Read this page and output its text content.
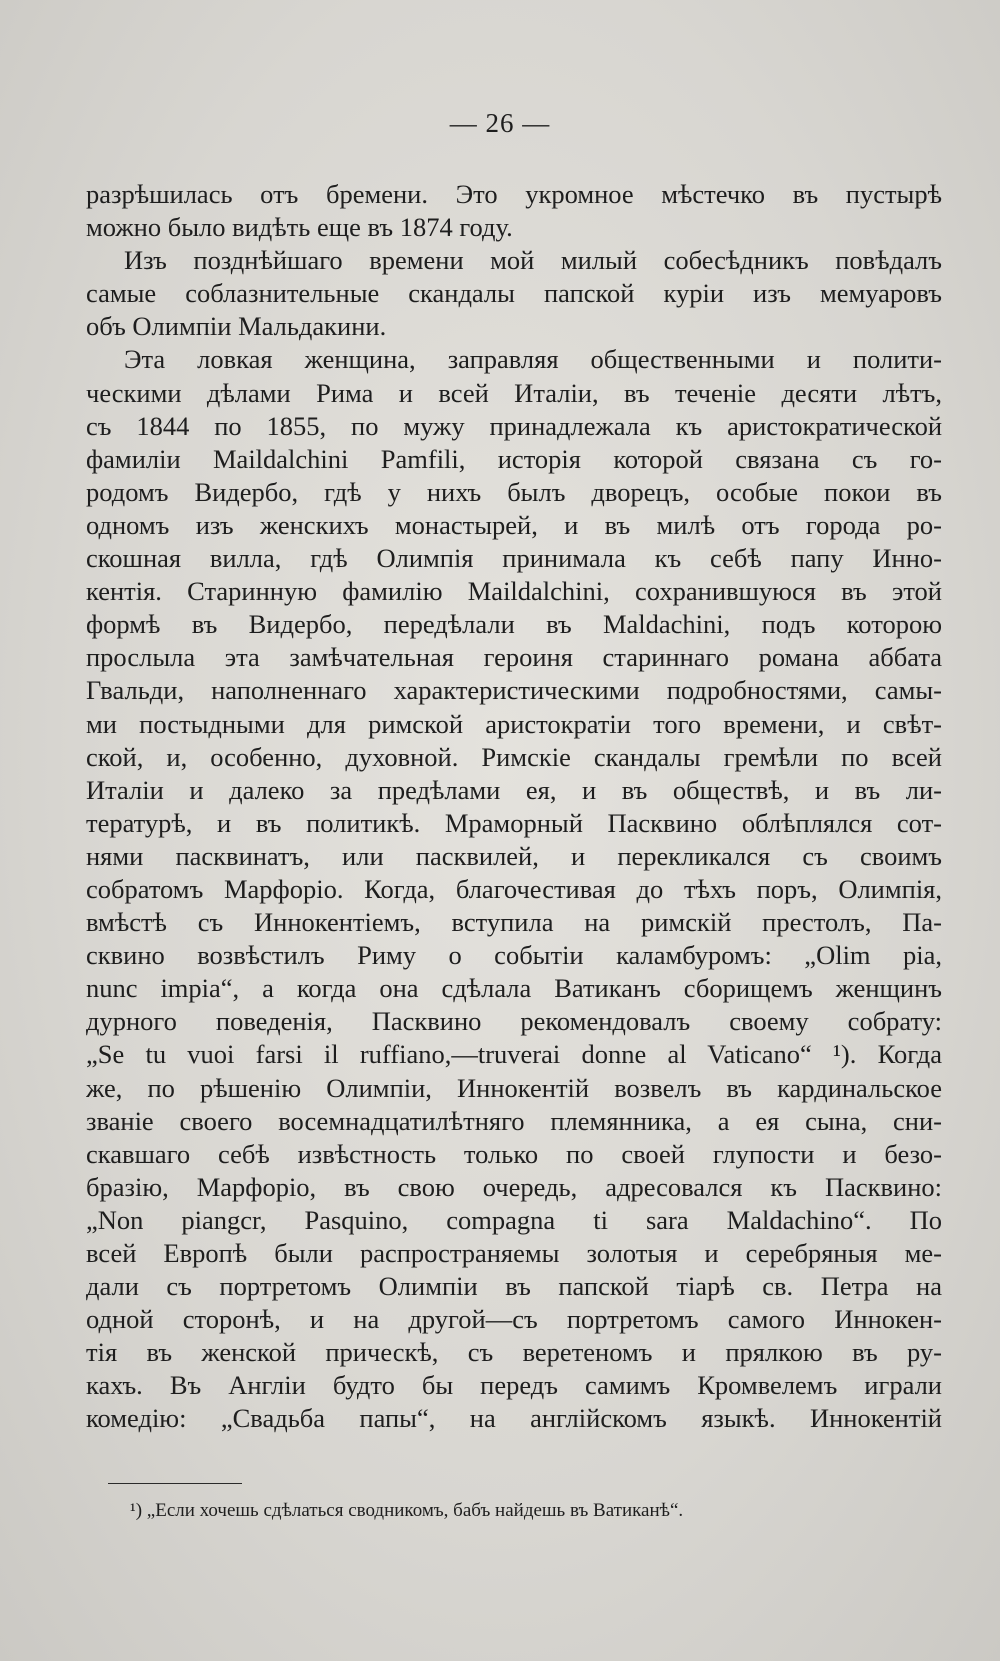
— 26 —
разрѣшилась отъ бремени. Это укромное мѣстечко въ пустырѣ
можно было видѣть еще въ 1874 году.
Изъ позднѣйшаго времени мой милый собесѣдникъ повѣдалъ
самые соблазнительные скандалы папской куріи изъ мемуаровъ
объ Олимпіи Мальдакини.
Эта ловкая женщина, заправляя общественными и полити-
ческими дѣлами Рима и всей Италіи, въ теченіе десяти лѣтъ,
съ 1844 по 1855, по мужу принадлежала къ аристократической
фамиліи Maildalchini Pamfili, исторія которой связана съ го-
родомъ Видербо, гдѣ у нихъ былъ дворецъ, особые покои въ
одномъ изъ женскихъ монастырей, и въ милѣ отъ города ро-
скошная вилла, гдѣ Олимпія принимала къ себѣ папу Инно-
кентія. Старинную фамилію Maildalchini, сохранившуюся въ этой
формѣ въ Видербо, передѣлали въ Maldachini, подъ которою
прослыла эта замѣчательная героиня стариннаго романа аббата
Гвальди, наполненнаго характеристическими подробностями, самы-
ми постыдными для римской аристократіи того времени, и свѣт-
ской, и, особенно, духовной. Римскіе скандалы гремѣли по всей
Италіи и далеко за предѣлами ея, и въ обществѣ, и въ ли-
тературѣ, и въ политикѣ. Мраморный Пасквино облѣплялся сот-
нями пасквинатъ, или пасквилей, и перекликался съ своимъ
собратомъ Марфоріо. Когда, благочестивая до тѣхъ поръ, Олимпія,
вмѣстѣ съ Иннокентіемъ, вступила на римскій престолъ, Па-
сквино возвѣстилъ Риму о событіи каламбуромъ: „Olim pia,
nunc impia“, а когда она сдѣлала Ватиканъ сборищемъ женщинъ
дурного поведенія, Пасквино рекомендовалъ своему собрату:
„Se tu vuoi farsi il ruffiano,—truverai donne al Vaticano“ ¹). Когда
же, по рѣшенію Олимпіи, Иннокентій возвелъ въ кардинальское
званіе своего восемнадцатилѣтняго племянника, а ея сына, сни-
скавшаго себѣ извѣстность только по своей глупости и безо-
бразію, Марфоріо, въ свою очередь, адресовался къ Пасквино:
„Non piangcr, Pasquino, compagna ti sara Maldachino“. По
всей Европѣ были распространяемы золотыя и серебряныя ме-
дали съ портретомъ Олимпіи въ папской тіарѣ св. Петра на
одной сторонѣ, и на другой—съ портретомъ самого Иннокен-
тія въ женской прическѣ, съ веретеномъ и прялкою въ ру-
кахъ. Въ Англіи будто бы передъ самимъ Кромвелемъ играли
комедію: „Свадьба папы“, на англійскомъ языкѣ. Иннокентій
¹) „Если хочешь сдѣлаться сводникомъ, бабъ найдешь въ Ватиканѣ“.
